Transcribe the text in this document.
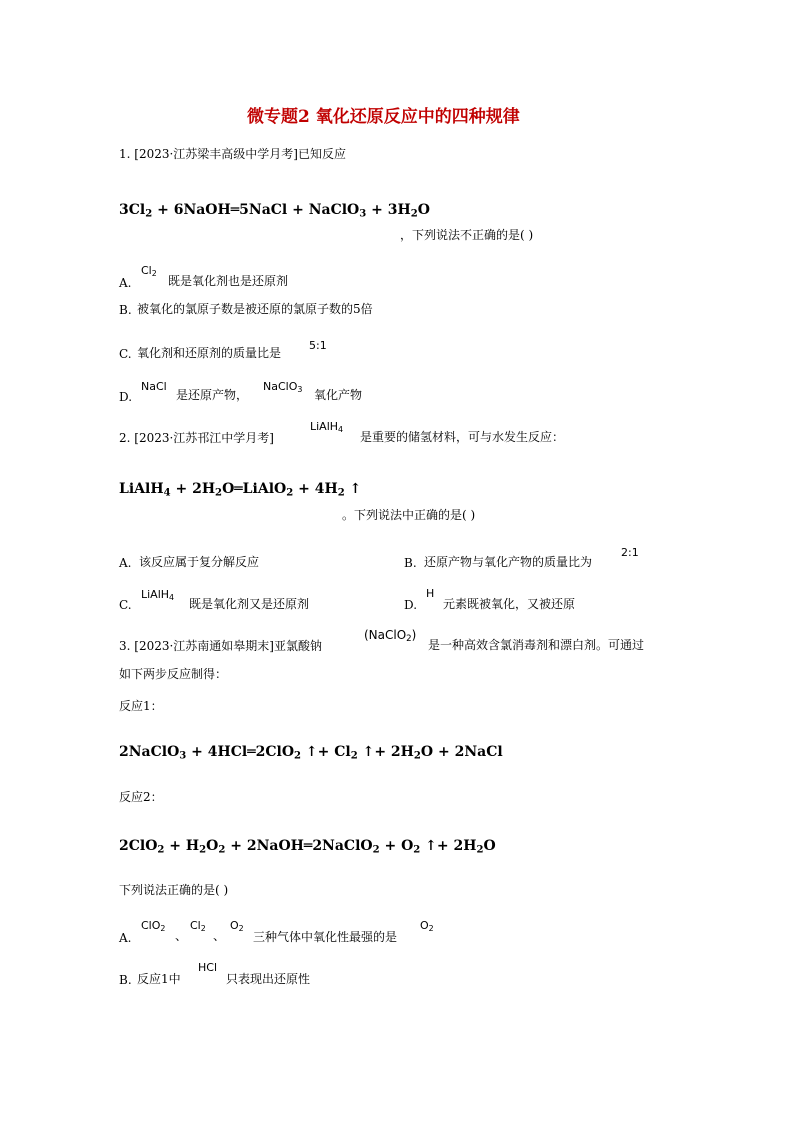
微专题2 氧化还原反应中的四种规律
1. [2023·江苏梁丰高级中学月考]已知反应
$3Cl_2$ + 6NaOH═5NaCl + NaClO$_3$ + $3H_2O$
，下列说法不正确的是( )
A.
$Cl_2$
既是氧化剂也是还原剂
B. 被氧化的氯原子数是被还原的氯原子数的5倍
C. 氧化剂和还原剂的质量比是
5:1
D.
NaCl
是还原产物，
NaClO$_3$ 氧化产物
2. [2023·江苏邗江中学月考]
LiAlH$_4$
是重要的储氢材料，可与水发生反应：
LiAlH$_4$ + $2H_2O═LiAlO_2 + 4H_2$ ↑
。下列说法中正确的是( )
A. 该反应属于复分解反应	B. 还原产物与氧化产物的质量比为
2:1
C.
LiAlH$_4$ 既是氧化剂又是还原剂	D.
H
元素既被氧化，又被还原
3. [2023·江苏南通如皋期末]亚氯酸钠
(NaClO$_2$)
是一种高效含氯消毒剂和漂白剂。可通过
如下两步反应制得：
反应1：
2NaClO$_3$ + 4HCl═2ClO$_2$ ↑+ $Cl_2$ ↑+ $2H_2O$ + 2NaCl
反应2：
$2ClO_2 + H_2O_2$ + 2NaOH═2NaClO$_2$ + $O_2$ ↑+ $2H_2O$
下列说法正确的是( )
A.
ClO$_2$
、
$Cl_2$
、
$O_2$
三种气体中氧化性最强的是
$O_2$
B. 反应1中
HCl
只表现出还原性
